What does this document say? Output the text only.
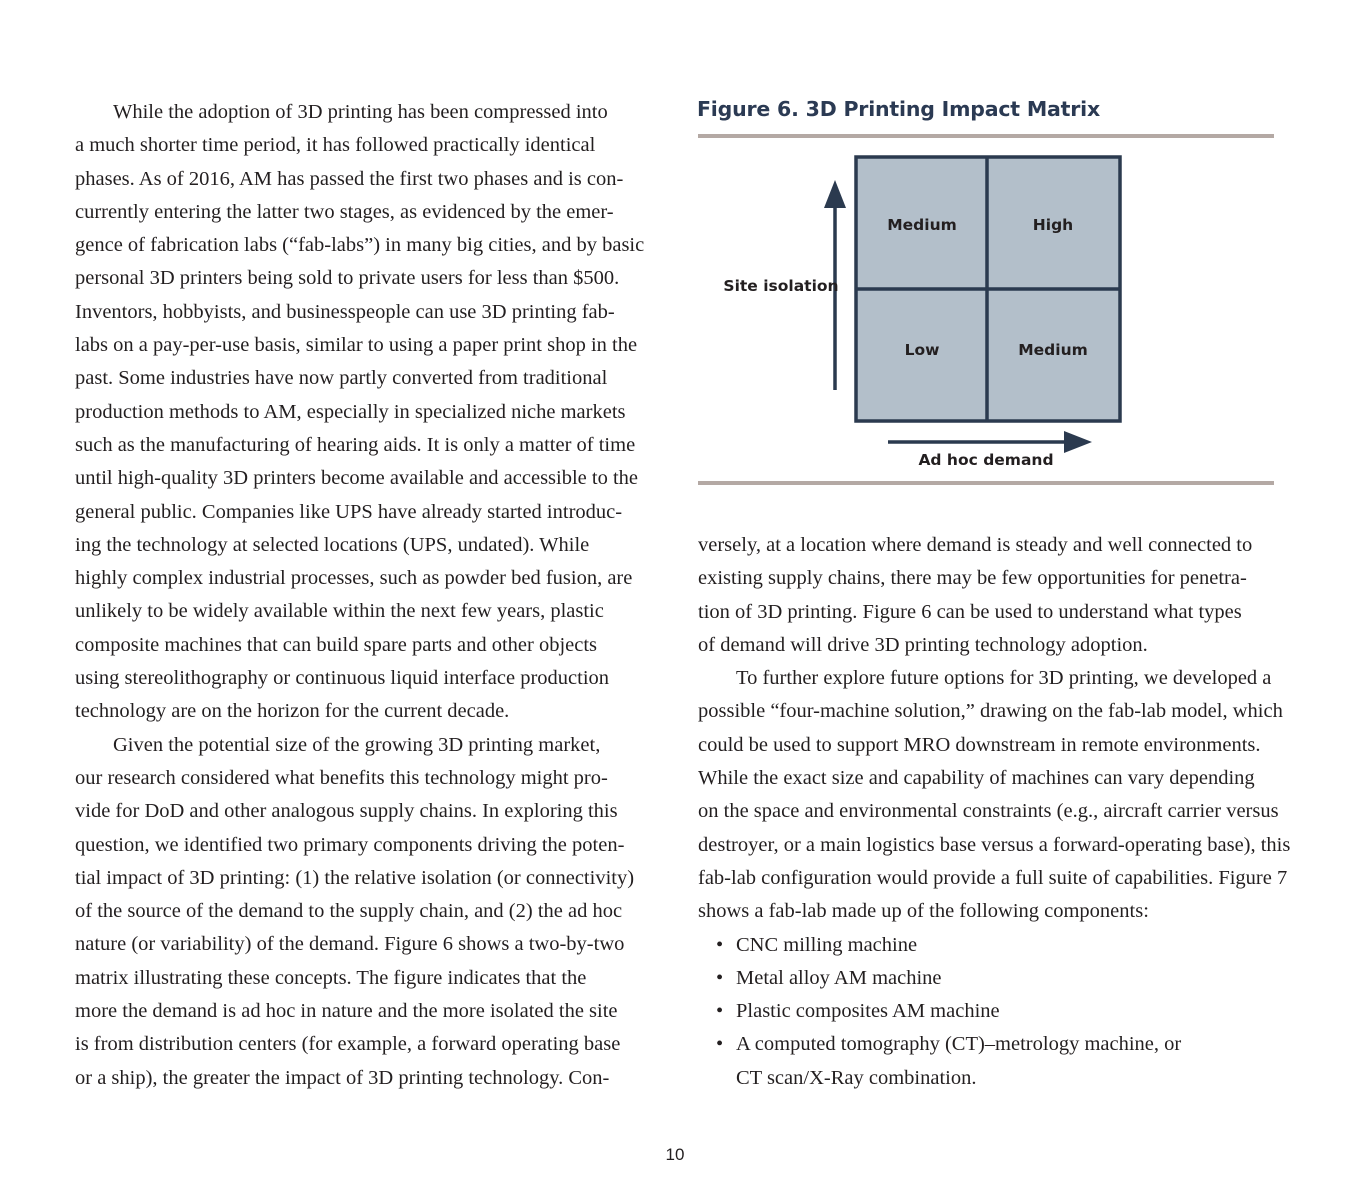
While the adoption of 3D printing has been compressed into
a much shorter time period, it has followed practically identical
phases. As of 2016, AM has passed the first two phases and is con-
currently entering the latter two stages, as evidenced by the emer-
gence of fabrication labs (“fab-labs”) in many big cities, and by basic
personal 3D printers being sold to private users for less than $500.
Inventors, hobbyists, and businesspeople can use 3D printing fab-
labs on a pay-per-use basis, similar to using a paper print shop in the
past. Some industries have now partly converted from traditional
production methods to AM, especially in specialized niche markets
such as the manufacturing of hearing aids. It is only a matter of time
until high-quality 3D printers become available and accessible to the
general public. Companies like UPS have already started introduc-
ing the technology at selected locations (UPS, undated). While
highly complex industrial processes, such as powder bed fusion, are
unlikely to be widely available within the next few years, plastic
composite machines that can build spare parts and other objects
using stereolithography or continuous liquid interface production
technology are on the horizon for the current decade.
Given the potential size of the growing 3D printing market,
our research considered what benefits this technology might pro-
vide for DoD and other analogous supply chains. In exploring this
question, we identified two primary components driving the poten-
tial impact of 3D printing: (1) the relative isolation (or connectivity)
of the source of the demand to the supply chain, and (2) the ad hoc
nature (or variability) of the demand. Figure 6 shows a two-by-two
matrix illustrating these concepts. The figure indicates that the
more the demand is ad hoc in nature and the more isolated the site
is from distribution centers (for example, a forward operating base
or a ship), the greater the impact of 3D printing technology. Con-
Figure 6. 3D Printing Impact Matrix
Medium	High
Low	Medium
Site isolation
Ad hoc demand
versely, at a location where demand is steady and well connected to
existing supply chains, there may be few opportunities for penetra-
tion of 3D printing. Figure 6 can be used to understand what types
of demand will drive 3D printing technology adoption.
To further explore future options for 3D printing, we developed a
possible “four-machine solution,” drawing on the fab-lab model, which
could be used to support MRO downstream in remote environments.
While the exact size and capability of machines can vary depending
on the space and environmental constraints (e.g., aircraft carrier versus
destroyer, or a main logistics base versus a forward-operating base), this
fab-lab configuration would provide a full suite of capabilities. Figure 7
shows a fab-lab made up of the following components:
• CNC milling machine
• Metal alloy AM machine
• Plastic composites AM machine
• A computed tomography (CT)–metrology machine, or
CT scan/X-Ray combination.
10
